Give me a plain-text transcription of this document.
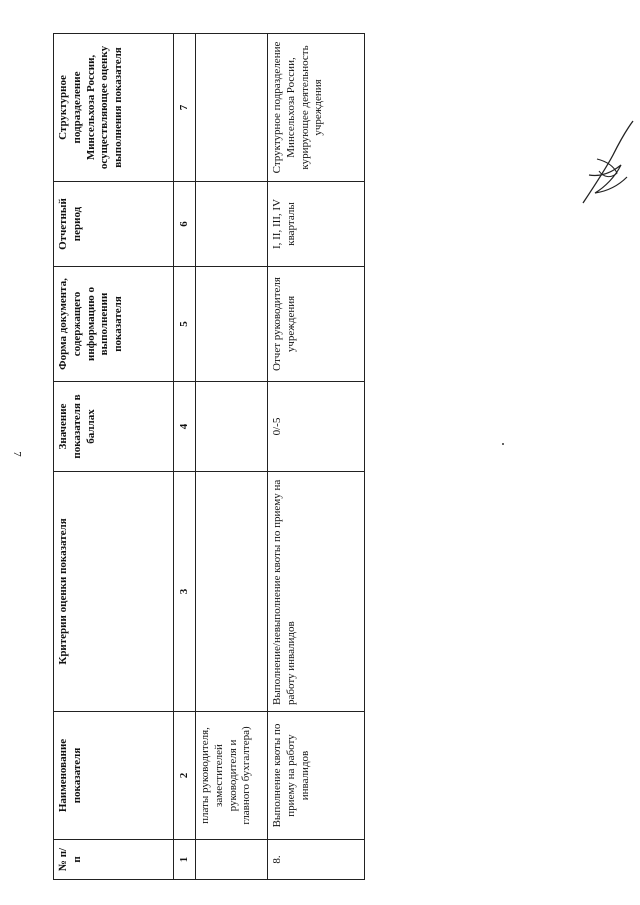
7
№ п/п	Наименование показателя	Критерии оценки показателя	Значение показателя в баллах	Форма документа, содержащего информацию о выполнении показателя	Отчетный период	Структурное подразделение Минсельхоза России, осуществляющее оценку выполнения показателя
1	2	3	4	5	6	7
	платы руководителя, заместителей руководителя и главного бухгалтера)					
8.	Выполнение квоты по приему на работу инвалидов	Выполнение/невыполнение квоты по приему на работу инвалидов	0/-5	Отчет руководителя учреждения	I, II, III, IV кварталы	Структурное подразделение Минсельхоза России, курирующее деятельность учреждения
